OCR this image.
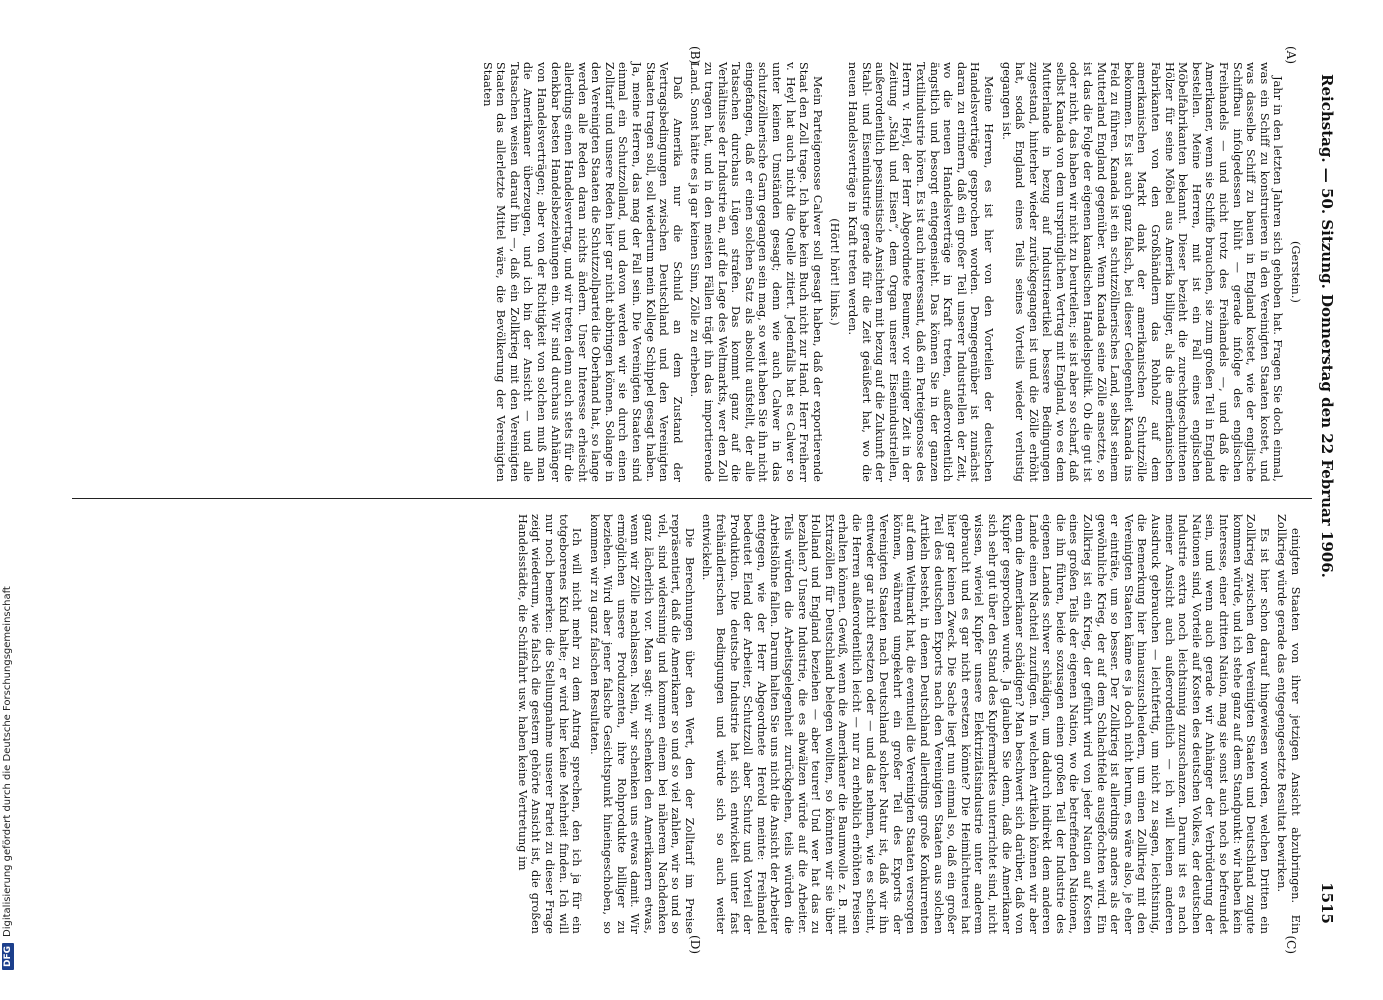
DFGDigitalisierung gefördert durch die Deutsche Forschungsgemeinschaft
Reichstag. — 50. Sitzung. Donnerstag den 22 Februar 1906.
1515
(A)
(B)
(C)
(D)

(Gerstein.)

Jahr in den letzten Jahren sich gehoben hat. Fragen Sie doch einmal, was ein Schiff zu konstruieren in den Vereinigten Staaten kostet, und was dasselbe Schiff zu bauen in England kostet, wie der englische Schiffbau infolgedessen blüht — gerade infolge des englischen Freihandels — und nicht trotz des Freihandels —, und daß die Amerikaner, wenn sie Schiffe brauchen, sie zum großen Teil in England bestellen. Meine Herren, mit ist ein Fall eines englischen Möbelfabrikanten bekannt. Dieser bezieht die zurechtgeschnittenen Hölzer für seine Möbel aus Amerika billiger, als die amerikanischen Fabrikanten von den Großhändlern das Rohholz auf dem amerikanischen Markt dank der amerikanischen Schutzzölle bekommen. Es ist auch ganz falsch, bei dieser Gelegenheit Kanada ins Feld zu führen. Kanada ist ein schutzzöllnerisches Land, selbst seinem Mutterland England gegenüber. Wenn Kanada seine Zölle ansetzte, so ist das die Folge der eigenen kanadischen Handelspolitik. Ob die gut ist oder nicht, das haben wir nicht zu beurteilen; sie ist aber so scharf, daß selbst Kanada von dem ursprünglichen Vertrag mit England, wo es dem Mutterlande in bezug auf Industrieartikel bessere Bedingungen zugestand, hinterher wieder zurückgegangen ist und die Zölle erhöht hat, sodaß England eines Teils seines Vorteils wieder verlustig gegangen ist.

Meine Herren, es ist hier von den Vorteilen der deutschen Handelsverträge gesprochen worden. Demgegenüber ist zunächst daran zu erinnern, daß ein großer Teil unserer Industriellen der Zeit, wo die neuen Handelsverträge in Kraft treten, außerordentlich ängstlich und besorgt entgegensieht. Das können Sie in der ganzen Textilindustrie hören. Es ist auch interessant, daß ein Parteigenosse des Herrn v. Heyl, der Herr Abgeordnete Beumer, vor einiger Zeit in der Zeitung „Stahl und Eisen“, dem Organ unserer Eisenindustriellen, außerordentlich pessimistische Ansichten mit bezug auf die Zukunft der Stahl- und Eisenindustrie gerade für die Zeit geäußert hat, wo die neuen Handelsverträge in Kraft treten werden.

(Hört! hört! links.)

Mein Parteigenosse Calwer soll gesagt haben, daß der exportierende Staat den Zoll trage. Ich habe kein Buch nicht zur Hand. Herr Freiherr v. Heyl hat auch nicht die Quelle zitiert. Jedenfalls hat es Calwer so unter keinen Umständen gesagt; denn wie auch Calwer in das schutzzöllnerische Garn gegangen sein mag, so weit haben Sie ihn nicht eingefangen, daß er einen solchen Satz als absolut aufstellt, der alle Tatsachen durchaus Lügen strafen. Das kommt ganz auf die Verhältnisse der Industrie an, auf die Lage des Weltmarkts, wer den Zoll zu tragen hat, und in den meisten Fällen trägt ihn das importierende Land. Sonst hätte es ja gar keinen Sinn, Zölle zu erheben.

Daß Amerika nur die Schuld an dem Zustand der Vertragsbedingungen zwischen Deutschland und den Vereinigten Staaten tragen soll, soll wiederum mein Kollege Schippel gesagt haben. Ja, meine Herren, das mag der Fall sein. Die Vereinigten Staaten sind einmal ein Schutzzolland, und davon werden wir sie durch einen Zolltarif und unsere Reden hier gar nicht abbringen können. Solange in den Vereinigten Staaten die Schutzzollpartei die Oberhand hat, so lange werden alle Reden daran nichts ändern. Unser Interesse erheischt allerdings einen Handelsvertrag, und wir treten denn auch stets für die denkbar besten Handelsbeziehungen ein. Wir sind durchaus Anhänger von Handelsverträgen; aber von der Richtigkeit von solchen muß man die Amerikaner überzeugen, und ich bin der Ansicht — und alle Tatsachen weisen darauf hin —, daß ein Zollkrieg mit den Vereinigten Staaten das allerletzte Mittel wäre, die Bevölkerung der Vereinigten Staaten

einigten Staaten von ihrer jetzigen Ansicht abzubringen. Ein Zollkrieg würde gerade das entgegengesetzte Resultat bewirken.

Es ist hier schon darauf hingewiesen worden, welchen Dritten ein Zollkrieg zwischen den Vereinigten Staaten und Deutschland zugute kommen würde, und ich stehe ganz auf dem Standpunkt: wir haben kein Interesse, einer dritten Nation, mag sie sonst auch noch so befreundet sein, und wenn auch gerade wir Anhänger der Verbrüderung der Nationen sind, Vorteile auf Kosten des deutschen Volkes, der deutschen Industrie extra noch leichtsinnig zuzuschanzen. Darum ist es nach meiner Ansicht auch außerordentlich — ich will keinen anderen Ausdruck gebrauchen — leichtfertig, um nicht zu sagen, leichtsinnig, die Bemerkung hier hinauszuschleudern, um einen Zollkrieg mit den Vereinigten Staaten käme es ja doch nicht herum, es wäre also, je eher er einträte, um so besser. Der Zollkrieg ist allerdings anders als der gewöhnliche Krieg, der auf dem Schlachtfelde ausgefochten wird. Ein Zollkrieg ist ein Krieg, der geführt wird von jeder Nation auf Kosten eines großen Teils der eigenen Nation, wo die betreffenden Nationen, die ihn führen, beide sozusagen einen großen Teil der Industrie des eigenen Landes schwer schädigen, um dadurch indirekt dem anderen Lande einen Nachteil zuzufügen. In welchen Artikeln können wir aber denn die Amerikaner schädigen? Man beschwert sich darüber, daß von Kupfer gesprochen wurde. Ja glauben Sie denn, daß die Amerikaner sich sehr gut über den Stand des Kupfermarktes unterrichtet sind, nicht wissen, wieviel Kupfer unsere Elektrizitätsindustrie unter anderem gebraucht und es gar nicht ersetzen könnte? Die Heimlichtuerei hat hier gar keinen Zweck. Die Sache liegt nun einmal so, daß ein großer Teil des deutschen Exports nach den Vereinigten Staaten aus solchen Artikeln besteht, in denen Deutschland allerdings große Konkurrenten auf dem Weltmarkt hat, die eventuell die Vereinigten Staaten versorgen können, während umgekehrt ein großer Teil des Exports der Vereinigten Staaten nach Deutschland solcher Natur ist, daß wir ihn entweder gar nicht ersetzen oder — und das nehmen, wie es scheint, die Herren außerordentlich leicht — nur zu erheblich erhöhten Preisen erhalten können. Gewiß, wenn die Amerikaner die Baumwolle z. B. mit Extrazöllen für Deutschland belegen wollten, so könnten wir sie über Holland und England beziehen — aber teurer! Und wer hat das zu bezahlen? Unsere Industrie, die es abwälzen würde auf die Arbeiter. Teils würden die Arbeitsgelegenheit zurückgehen, teils würden die Arbeitslöhne fallen. Darum halten Sie uns nicht die Ansicht der Arbeiter entgegen, wie der Herr Abgeordnete Herold meinte: Freihandel bedeutet Elend der Arbeiter, Schutzzoll aber Schutz und Vorteil der Produktion. Die deutsche Industrie hat sich entwickelt unter fast freihändlerischen Bedingungen und würde sich so auch weiter entwickeln.

Die Berechnungen über den Wert, den der Zolltarif im Preise repräsentiert, daß die Amerikaner so und so viel zahlen, wir so und so viel, sind widersinnig und kommen einem bei näherem Nachdenken ganz lächerlich vor. Man sagt: wir schenken den Amerikanern etwas, wenn wir Zölle nachlassen. Nein, wir schenken uns etwas damit. Wir ermöglichen unsere Produzenten, ihre Rohprodukte billiger zu beziehen. Wird aber jener falsche Gesichtspunkt hineingeschoben, so kommen wir zu ganz falschen Resultaten.

Ich will nicht mehr zu dem Antrag sprechen, den ich ja für ein totgeborenes Kind halte; er wird hier keine Mehrheit finden. Ich will nur noch bemerken: die Stellungnahme unserer Partei zu dieser Frage zeigt wiederum, wie falsch die gestern gehörte Ansicht ist, die großen Handelsstädte, die Schiffahrt usw. haben keine Vertretung im
